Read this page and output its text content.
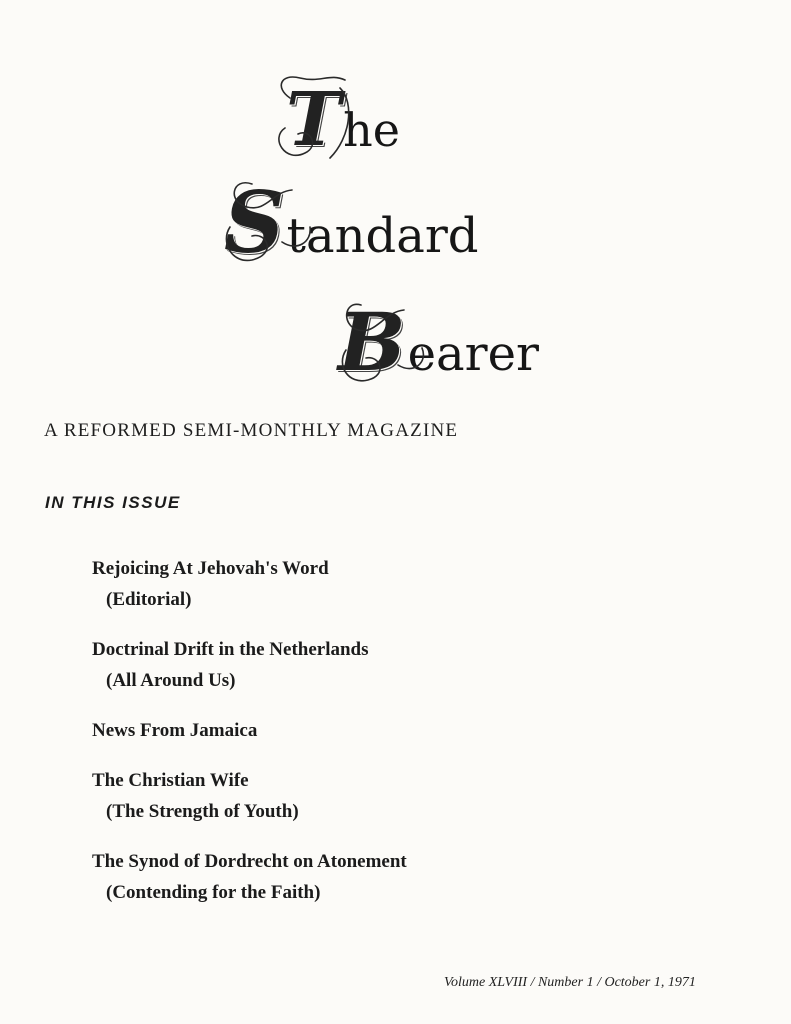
T he
S tandard
B earer
A REFORMED SEMI-MONTHLY MAGAZINE
IN THIS ISSUE
Rejoicing At Jehovah's Word
(Editorial)
Doctrinal Drift in the Netherlands
(All Around Us)
News From Jamaica
The Christian Wife
(The Strength of Youth)
The Synod of Dordrecht on Atonement
(Contending for the Faith)
Volume XLVIII / Number 1 / October 1, 1971
